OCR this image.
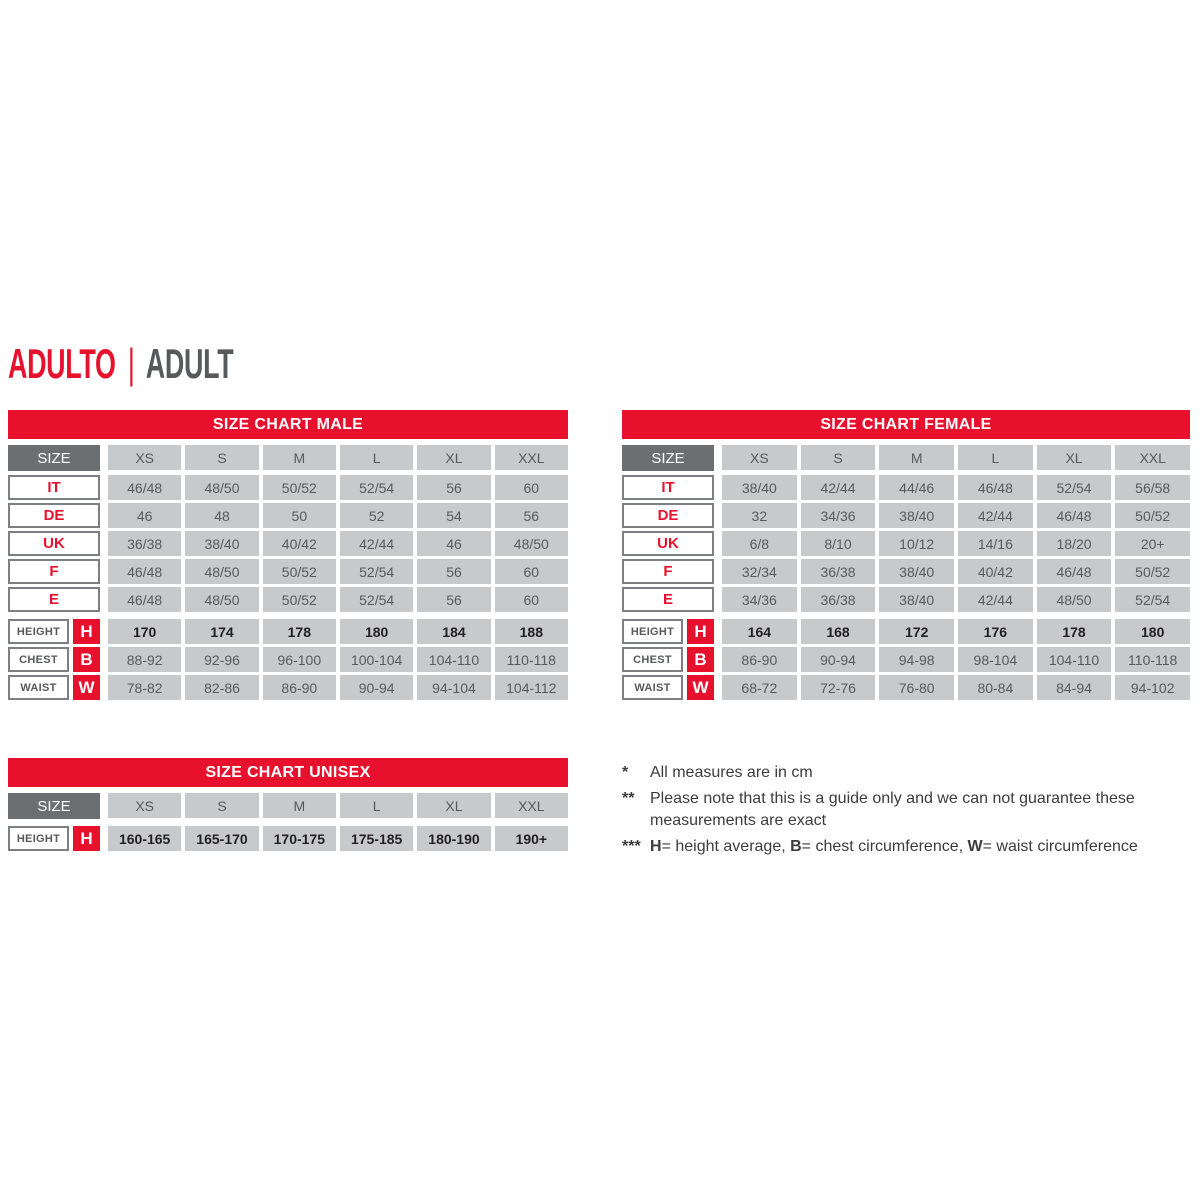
ADULTO | ADULT
SIZE CHART MALE
SIZE	XS	S	M	L	XL	XXL
IT	46/48	48/50	50/52	52/54	56	60
DE	46	48	50	52	54	56
UK	36/38	38/40	40/42	42/44	46	48/50
F	46/48	48/50	50/52	52/54	56	60
E	46/48	48/50	50/52	52/54	56	60
HEIGHT	H	170	174	178	180	184	188
CHEST	B	88-92	92-96	96-100	100-104	104-110	110-118
WAIST	W	78-82	82-86	86-90	90-94	94-104	104-112
SIZE CHART FEMALE
SIZE	XS	S	M	L	XL	XXL
IT	38/40	42/44	44/46	46/48	52/54	56/58
DE	32	34/36	38/40	42/44	46/48	50/52
UK	6/8	8/10	10/12	14/16	18/20	20+
F	32/34	36/38	38/40	40/42	46/48	50/52
E	34/36	36/38	38/40	42/44	48/50	52/54
HEIGHT	H	164	168	172	176	178	180
CHEST	B	86-90	90-94	94-98	98-104	104-110	110-118
WAIST	W	68-72	72-76	76-80	80-84	84-94	94-102
SIZE CHART UNISEX
SIZE	XS	S	M	L	XL	XXL
HEIGHT	H	160-165	165-170	170-175	175-185	180-190	190+
*	All measures are in cm
** Please note that this is a guide only and we can not guarantee these measurements are exact
*** H= height average, B= chest circumference, W= waist circumference
